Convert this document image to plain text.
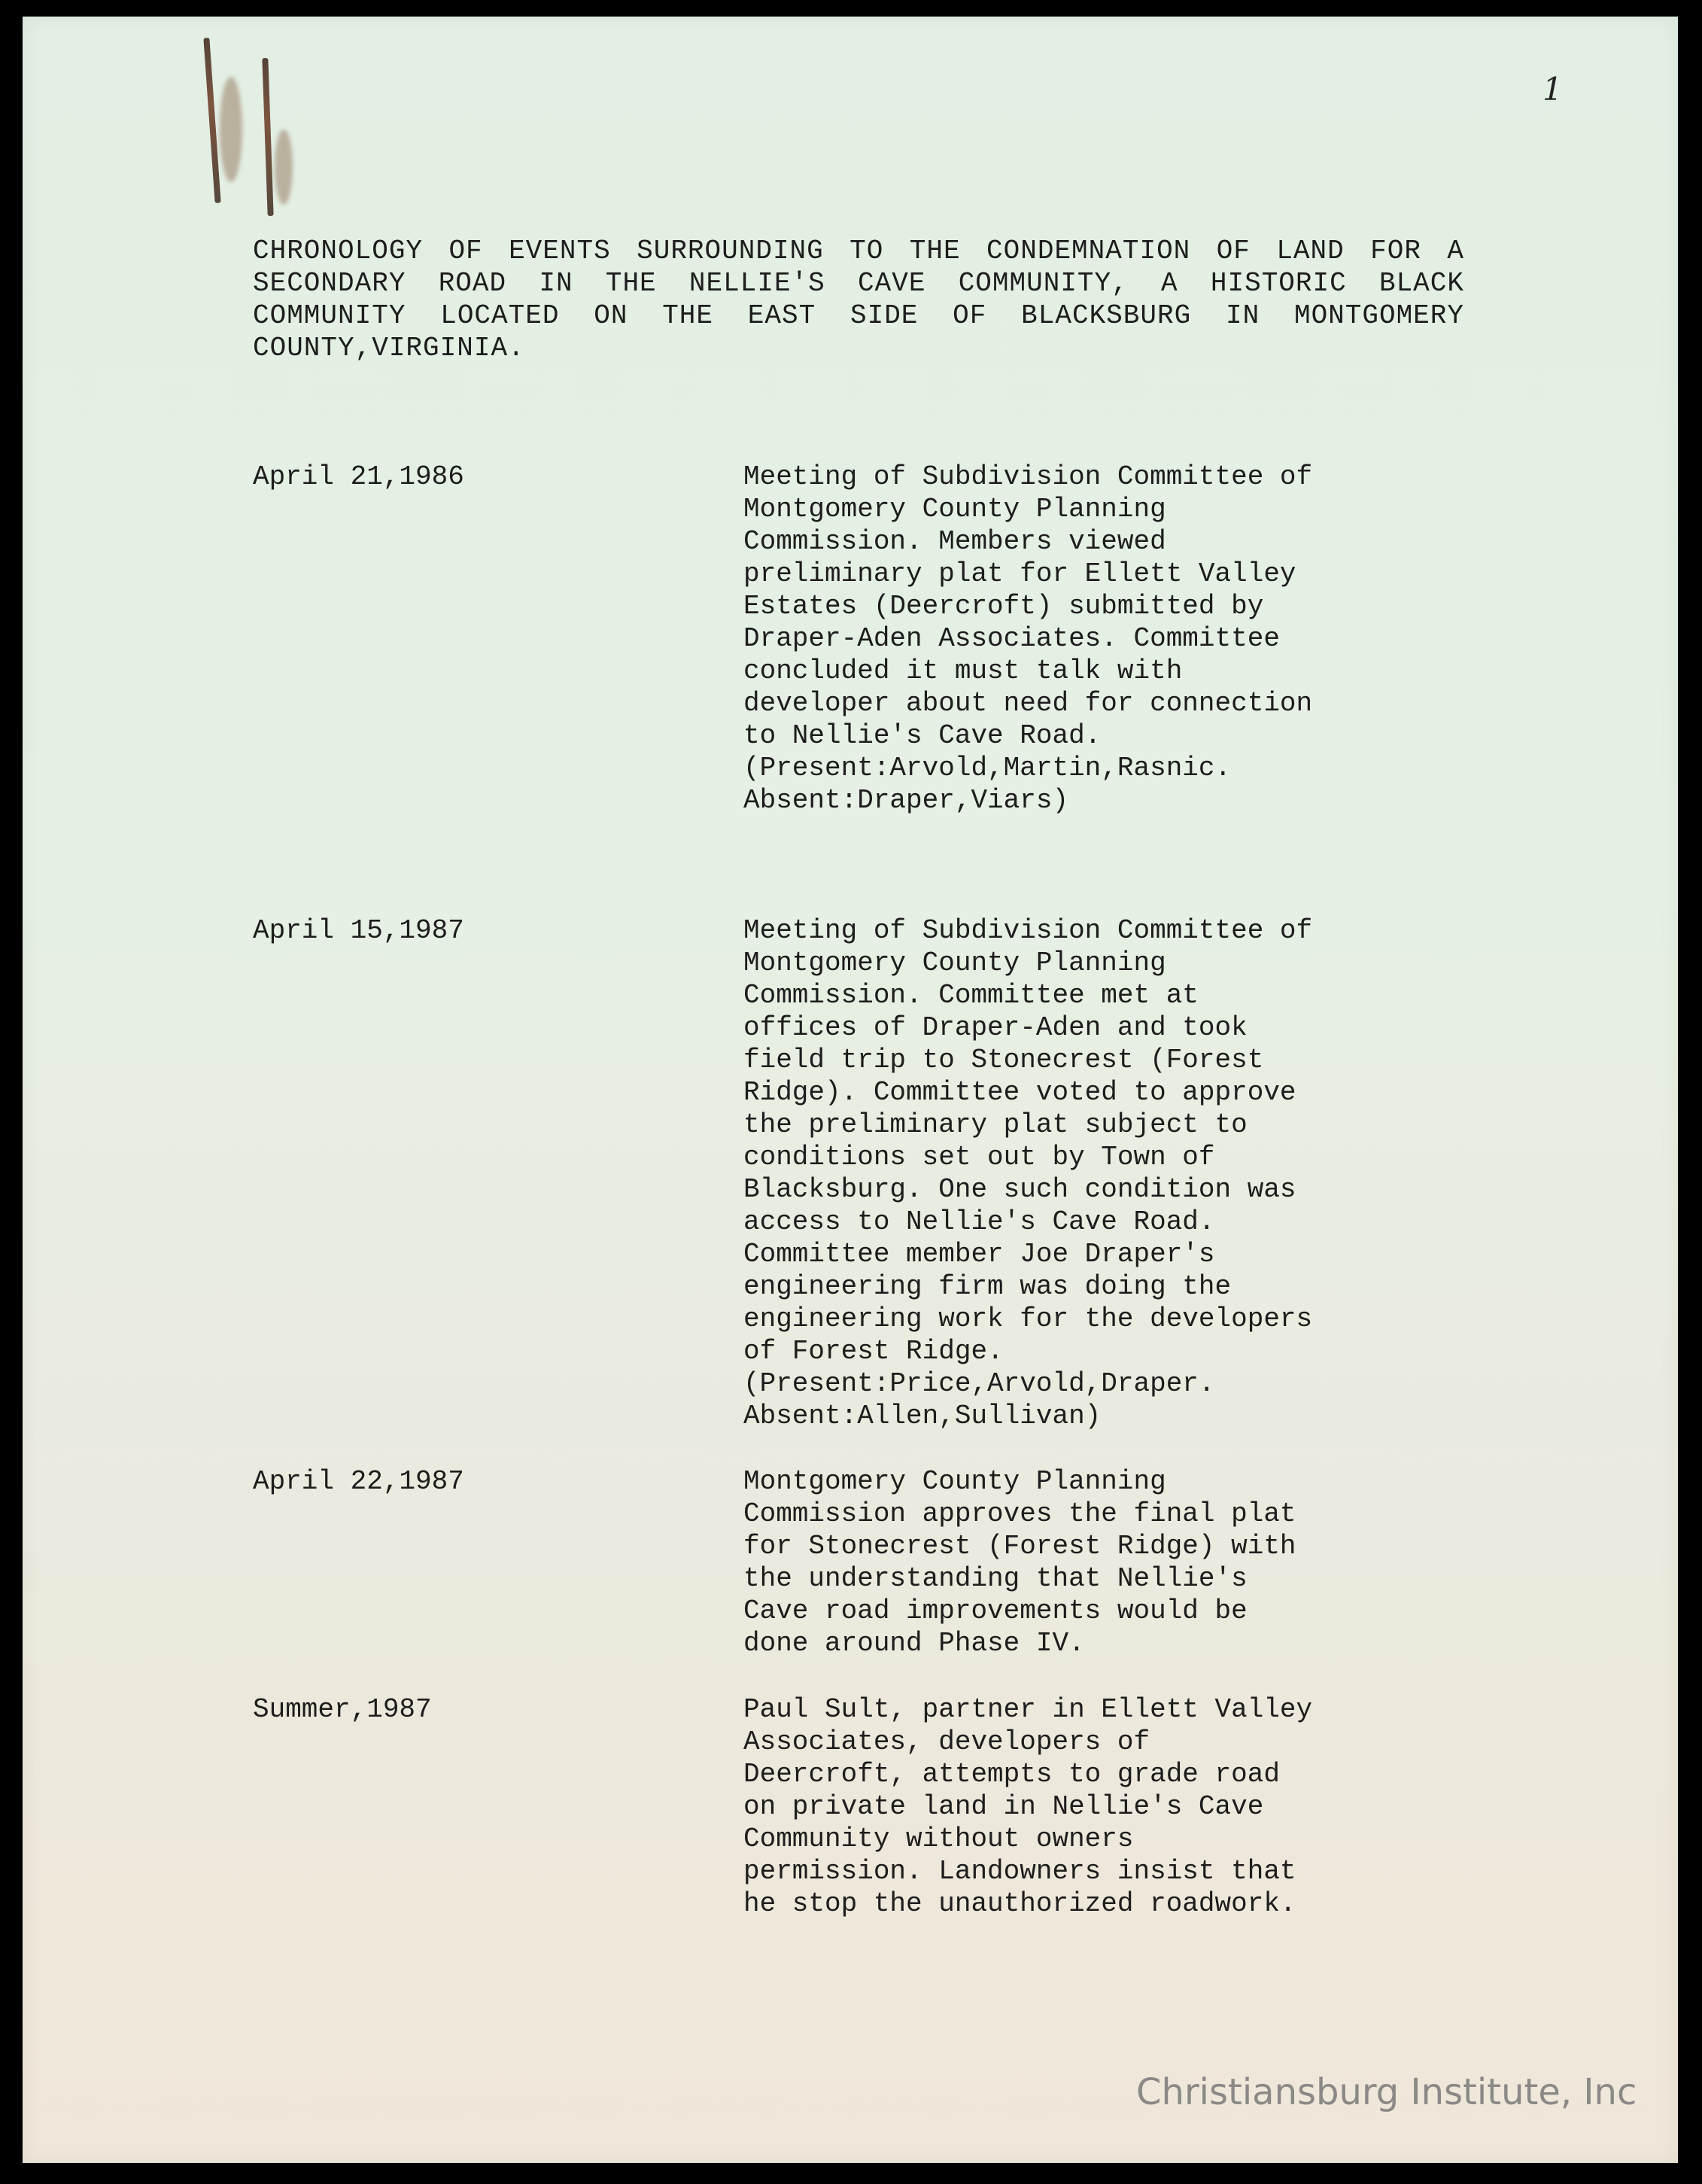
1
CHRONOLOGY OF EVENTS SURROUNDING TO THE CONDEMNATION OF LAND FOR A SECONDARY ROAD IN THE NELLIE'S CAVE COMMUNITY, A HISTORIC BLACK COMMUNITY LOCATED ON THE EAST SIDE OF BLACKSBURG IN MONTGOMERY COUNTY,VIRGINIA.
April 21,1986	Meeting of Subdivision Committee of
Montgomery County Planning
Commission. Members viewed
preliminary plat for Ellett Valley
Estates (Deercroft) submitted by
Draper-Aden Associates. Committee
concluded it must talk with
developer about need for connection
to Nellie's Cave Road.
(Present:Arvold,Martin,Rasnic.
Absent:Draper,Viars)
April 15,1987	Meeting of Subdivision Committee of
Montgomery County Planning
Commission. Committee met at
offices of Draper-Aden and took
field trip to Stonecrest (Forest
Ridge). Committee voted to approve
the preliminary plat subject to
conditions set out by Town of
Blacksburg. One such condition was
access to Nellie's Cave Road.
Committee member Joe Draper's
engineering firm was doing the
engineering work for the developers
of Forest Ridge.
(Present:Price,Arvold,Draper.
Absent:Allen,Sullivan)
April 22,1987	Montgomery County Planning
Commission approves the final plat
for Stonecrest (Forest Ridge) with
the understanding that Nellie's
Cave road improvements would be
done around Phase IV.
Summer,1987	Paul Sult, partner in Ellett Valley
Associates, developers of
Deercroft, attempts to grade road
on private land in Nellie's Cave
Community without owners
permission. Landowners insist that
he stop the unauthorized roadwork.
Christiansburg Institute, Inc
